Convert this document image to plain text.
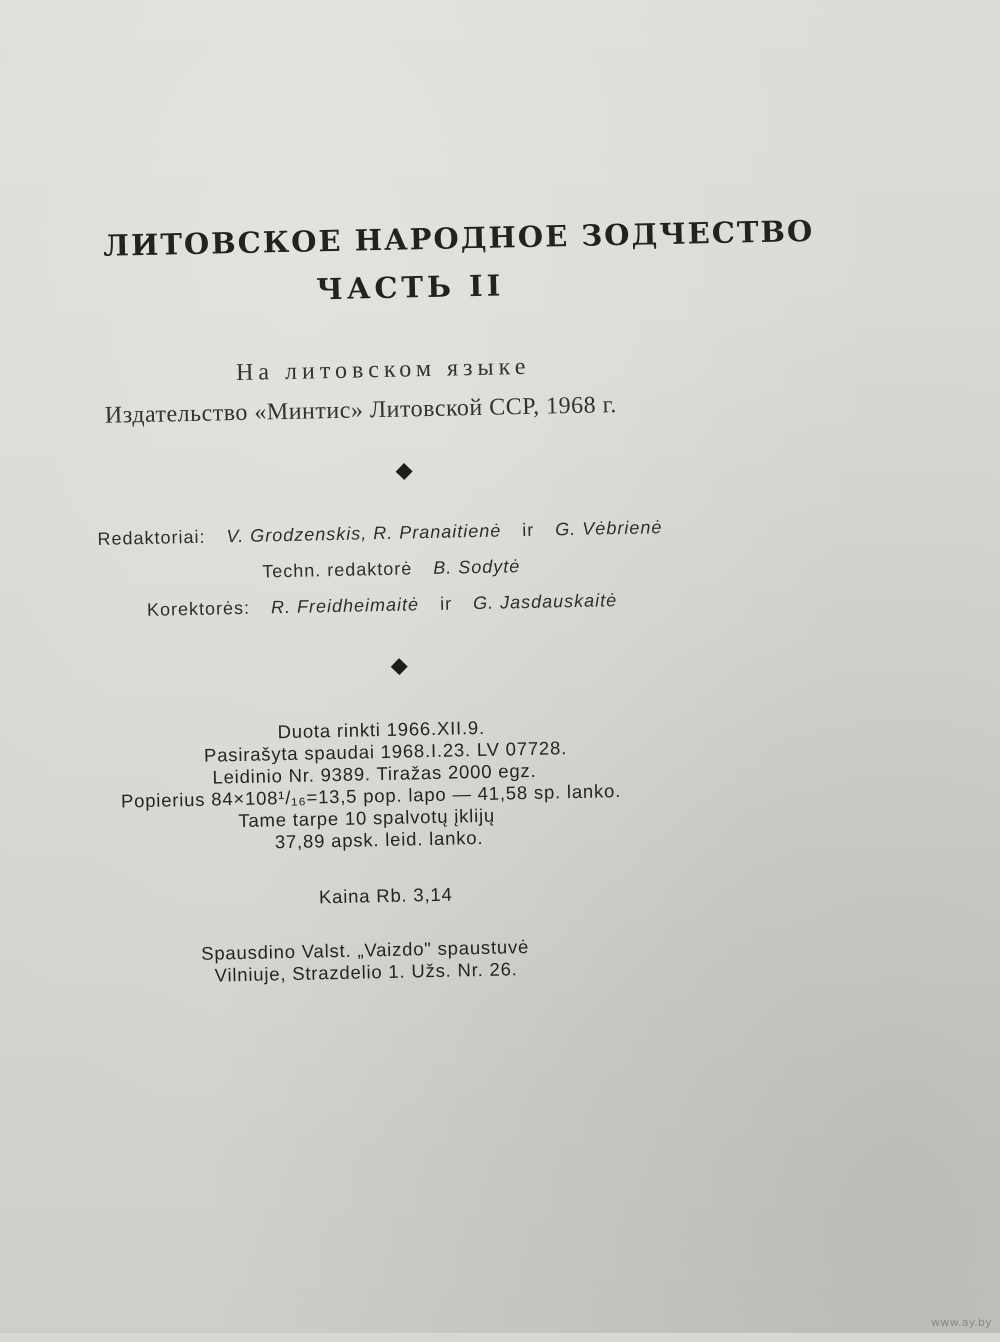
ЛИТОВСКОЕ НАРОДНОЕ ЗОДЧЕСТВО
ЧАСТЬ II
На литовском языке
Издательство «Минтис» Литовской ССР, 1968 г.
Redaktoriai: V. Grodzenskis, R. Pranaitienė ir G. Vėbrienė
Techn. redaktorė B. Sodytė
Korektorės: R. Freidheimaitė ir G. Jasdauskaitė
Duota rinkti 1966.XII.9.
Pasirašyta spaudai 1968.I.23. LV 07728.
Leidinio Nr. 9389. Tiražas 2000 egz.
Popierius 84×108¹/₁₆=13,5 pop. lapo — 41,58 sp. lanko.
Tame tarpe 10 spalvotų įklijų
37,89 apsk. leid. lanko.
Kaina Rb. 3,14
Spausdino Valst. „Vaizdo" spaustuvė
Vilniuje, Strazdelio 1. Užs. Nr. 26.
www.ay.by
